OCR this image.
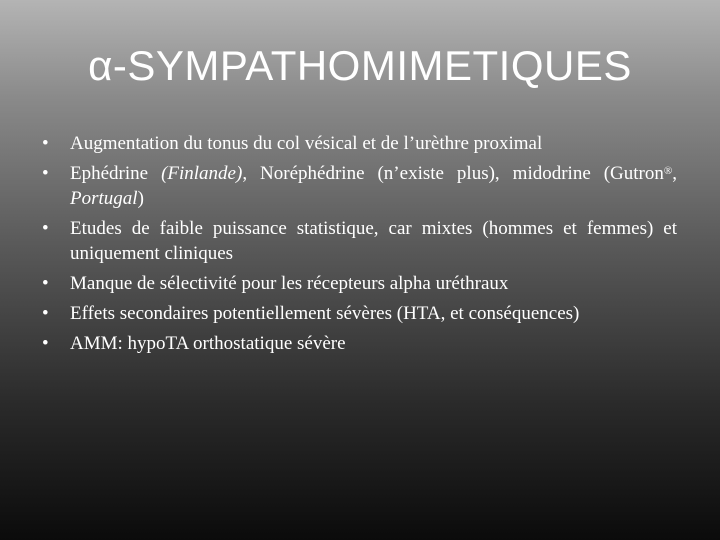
α-SYMPATHOMIMETIQUES
• Augmentation du tonus du col vésical et de l’urèthre proximal
• Ephédrine (Finlande), Noréphédrine (n’existe plus), midodrine (Gutron®, Portugal)
• Etudes de faible puissance statistique, car mixtes (hommes et femmes) et uniquement cliniques
• Manque de sélectivité pour les récepteurs alpha uréthraux
• Effets secondaires potentiellement sévères (HTA, et conséquences)
• AMM: hypoTA orthostatique sévère
